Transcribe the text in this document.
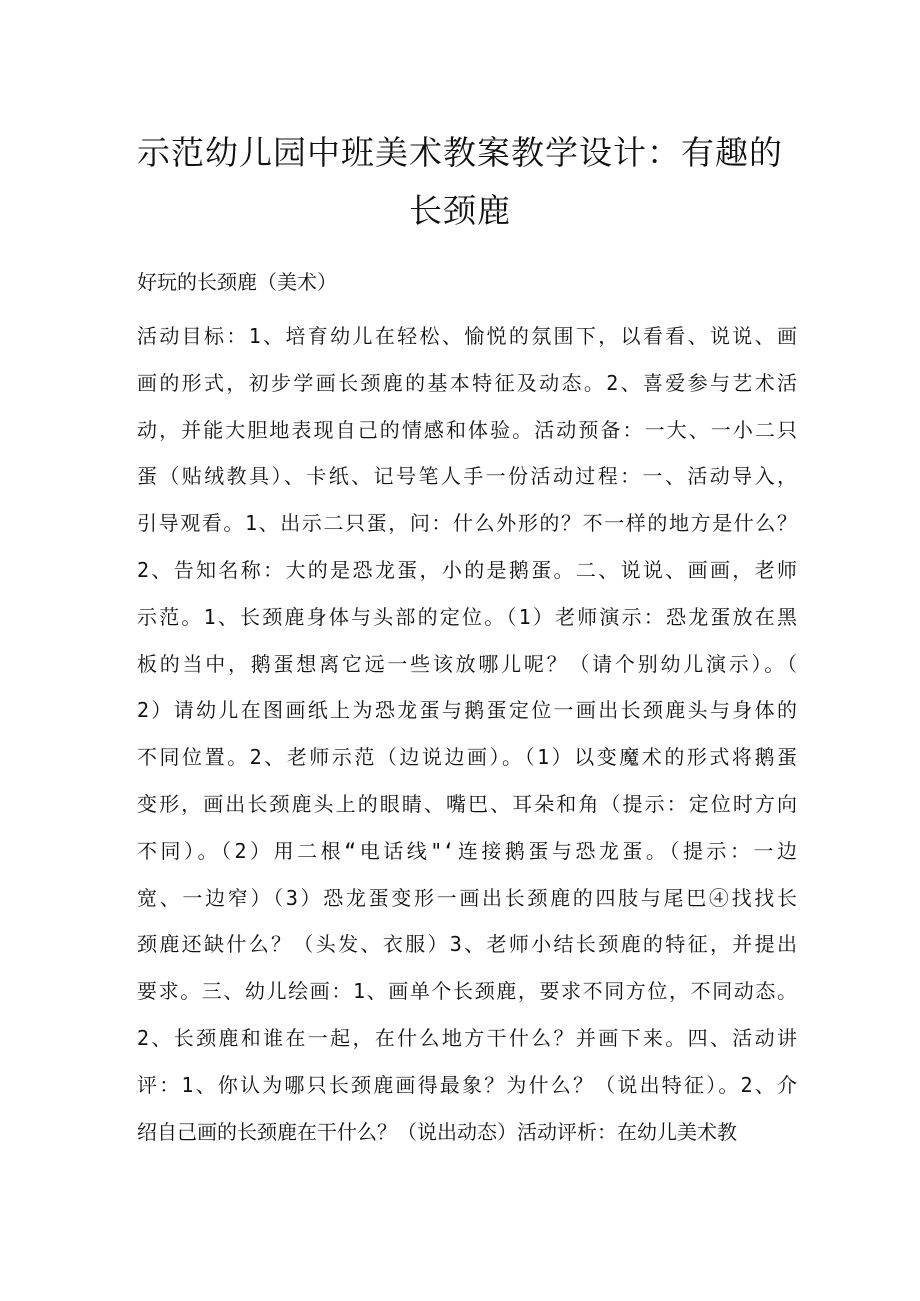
示范幼儿园中班美术教案教学设计：有趣的
长颈鹿

好玩的长颈鹿（美术）

活动目标：1、培育幼儿在轻松、愉悦的氛围下，以看看、说说、画
画的形式，初步学画长颈鹿的基本特征及动态。2、喜爱参与艺术活
动，并能大胆地表现自己的情感和体验。活动预备：一大、一小二只
蛋（贴绒教具）、卡纸、记号笔人手一份活动过程：一、活动导入，
引导观看。1、出示二只蛋，问：什么外形的？不一样的地方是什么？
2、告知名称：大的是恐龙蛋，小的是鹅蛋。二、说说、画画，老师
示范。1、长颈鹿身体与头部的定位。（1）老师演示：恐龙蛋放在黑
板的当中，鹅蛋想离它远一些该放哪儿呢？（请个别幼儿演示）。（
2）请幼儿在图画纸上为恐龙蛋与鹅蛋定位一画出长颈鹿头与身体的
不同位置。2、老师示范（边说边画）。（1）以变魔术的形式将鹅蛋
变形，画出长颈鹿头上的眼睛、嘴巴、耳朵和角（提示：定位时方向
不同）。（2）用二根“电话线"‘连接鹅蛋与恐龙蛋。（提示：一边
宽、一边窄）（3）恐龙蛋变形一画出长颈鹿的四肢与尾巴④找找长
颈鹿还缺什么？（头发、衣服）3、老师小结长颈鹿的特征，并提出
要求。三、幼儿绘画：1、画单个长颈鹿，要求不同方位，不同动态。
2、长颈鹿和谁在一起，在什么地方干什么？并画下来。四、活动讲
评：1、你认为哪只长颈鹿画得最象？为什么？（说出特征）。2、介
绍自己画的长颈鹿在干什么？（说出动态）活动评析：在幼儿美术教
